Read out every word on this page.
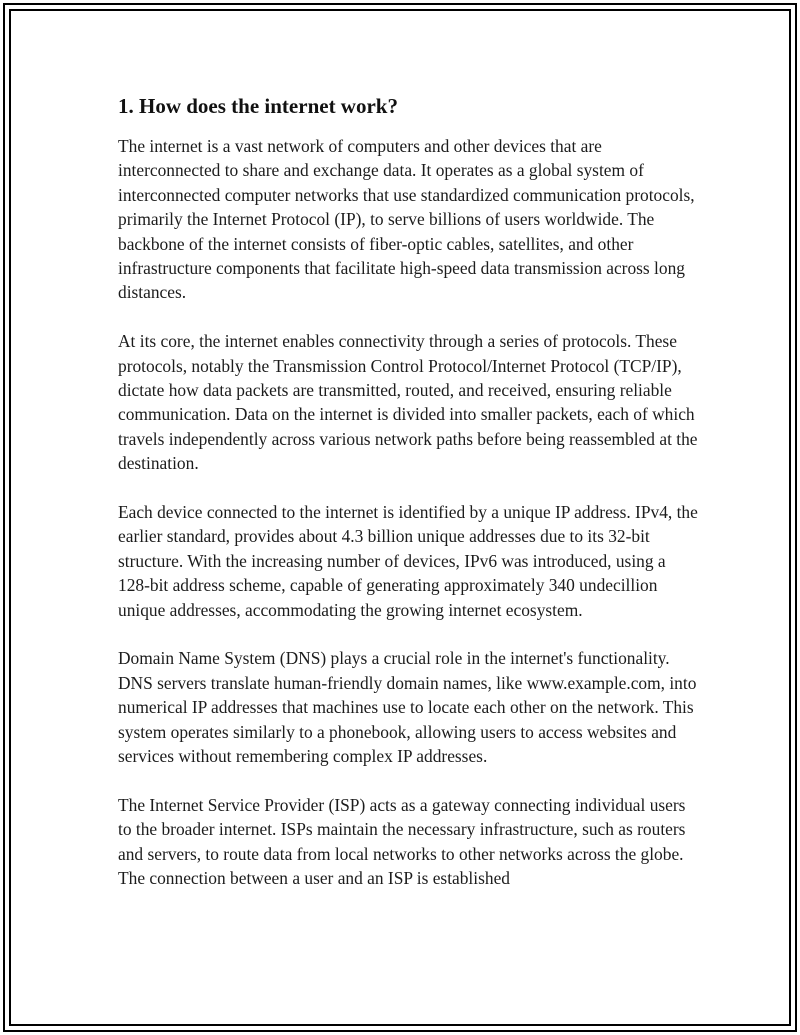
1. How does the internet work?

The internet is a vast network of computers and other devices that are interconnected to share and exchange data. It operates as a global system of interconnected computer networks that use standardized communication protocols, primarily the Internet Protocol (IP), to serve billions of users worldwide. The backbone of the internet consists of fiber-optic cables, satellites, and other infrastructure components that facilitate high-speed data transmission across long distances.

At its core, the internet enables connectivity through a series of protocols. These protocols, notably the Transmission Control Protocol/Internet Protocol (TCP/IP), dictate how data packets are transmitted, routed, and received, ensuring reliable communication. Data on the internet is divided into smaller packets, each of which travels independently across various network paths before being reassembled at the destination.

Each device connected to the internet is identified by a unique IP address. IPv4, the earlier standard, provides about 4.3 billion unique addresses due to its 32-bit structure. With the increasing number of devices, IPv6 was introduced, using a 128-bit address scheme, capable of generating approximately 340 undecillion unique addresses, accommodating the growing internet ecosystem.

Domain Name System (DNS) plays a crucial role in the internet's functionality. DNS servers translate human-friendly domain names, like www.example.com, into numerical IP addresses that machines use to locate each other on the network. This system operates similarly to a phonebook, allowing users to access websites and services without remembering complex IP addresses.

The Internet Service Provider (ISP) acts as a gateway connecting individual users to the broader internet. ISPs maintain the necessary infrastructure, such as routers and servers, to route data from local networks to other networks across the globe. The connection between a user and an ISP is established
